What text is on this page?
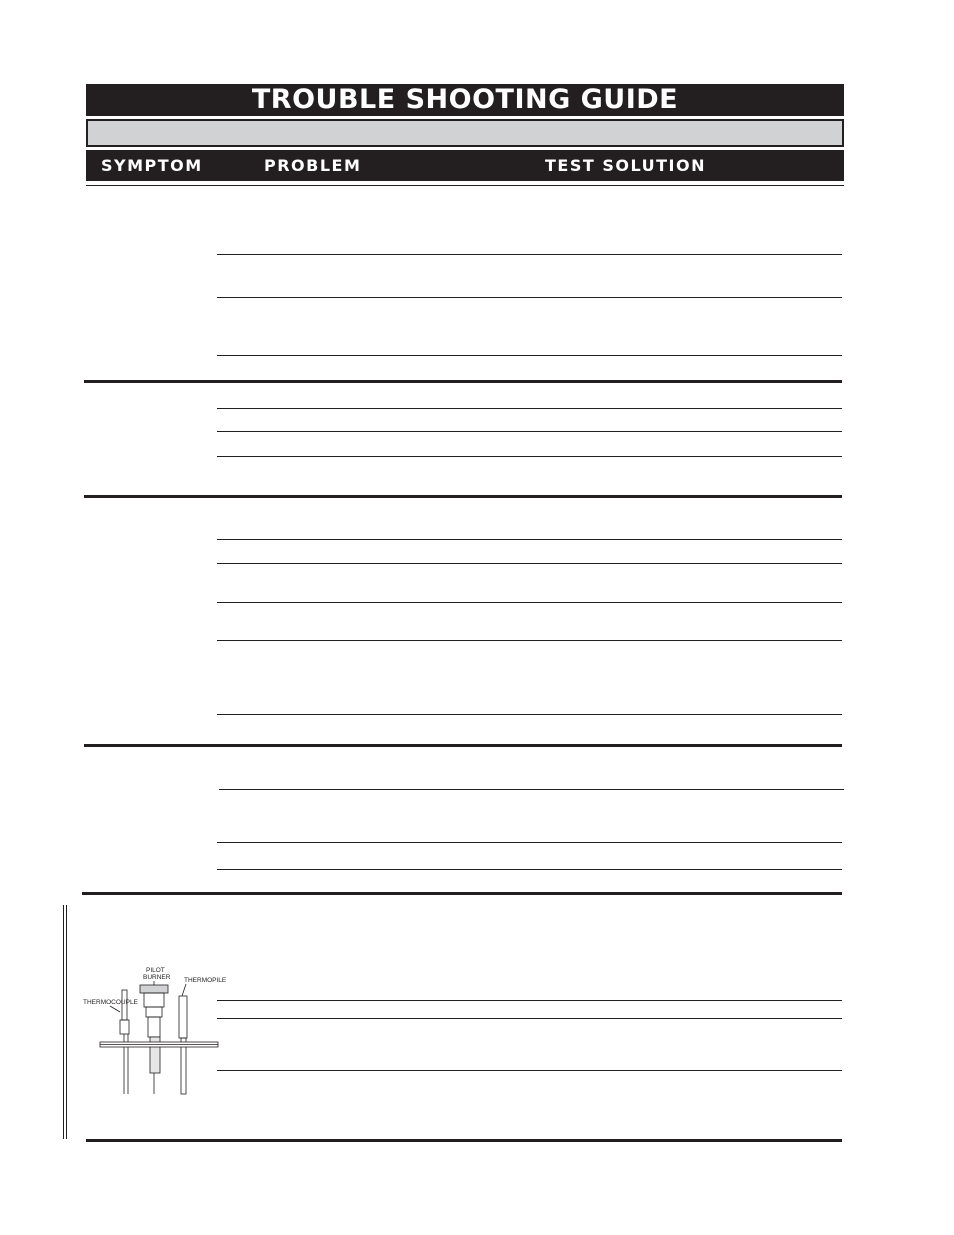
TROUBLE SHOOTING GUIDE
SYMPTOM	PROBLEM	TEST SOLUTION
PILOT
BURNER THERMOPILE
THERMOCOUPLE
